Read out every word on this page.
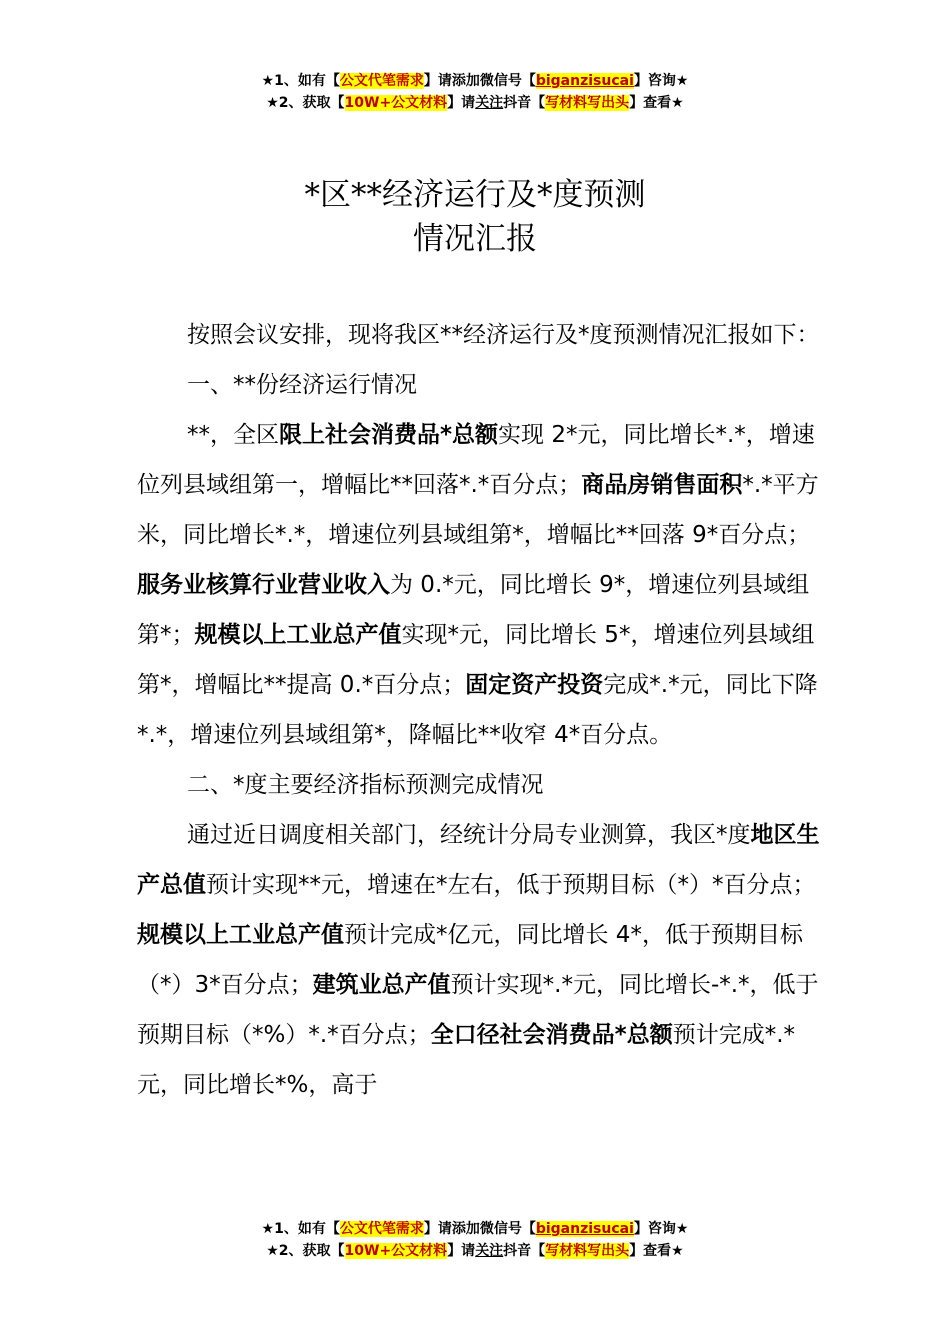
★1、如有【公文代笔需求】请添加微信号【biganzisucai】咨询★
★2、获取【10W+公文材料】请关注抖音【写材料写出头】查看★
*区**经济运行及*度预测
情况汇报

按照会议安排，现将我区**经济运行及*度预测情况汇报如下：

一、**份经济运行情况

**，全区限上社会消费品*总额实现 2*元，同比增长*.*，增速位列县域组第一，增幅比**回落*.*百分点；商品房销售面积*.*平方米，同比增长*.*，增速位列县域组第*，增幅比**回落 9*百分点；服务业核算行业营业收入为 0.*元，同比增长 9*，增速位列县域组第*；规模以上工业总产值实现*元，同比增长 5*，增速位列县域组第*，增幅比**提高 0.*百分点；固定资产投资完成*.*元，同比下降*.*，增速位列县域组第*，降幅比**收窄 4*百分点。

二、*度主要经济指标预测完成情况

通过近日调度相关部门，经统计分局专业测算，我区*度地区生产总值预计实现**元，增速在*左右，低于预期目标（*）*百分点；规模以上工业总产值预计完成*亿元，同比增长 4*，低于预期目标（*）3*百分点；建筑业总产值预计实现*.*元，同比增长-*.*，低于预期目标（*%）*.*百分点；全口径社会消费品*总额预计完成*.*元，同比增长*%，高于

★1、如有【公文代笔需求】请添加微信号【biganzisucai】咨询★
★2、获取【10W+公文材料】请关注抖音【写材料写出头】查看★
